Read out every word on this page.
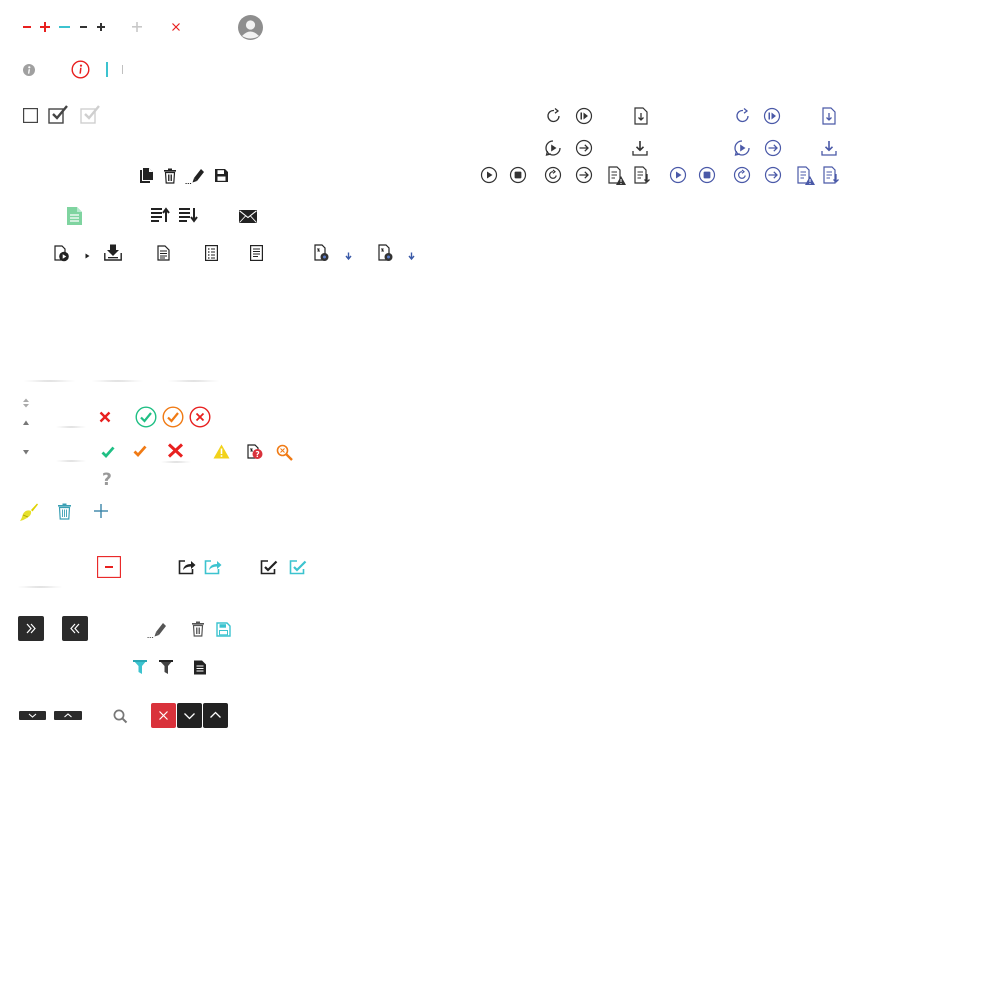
?
?
